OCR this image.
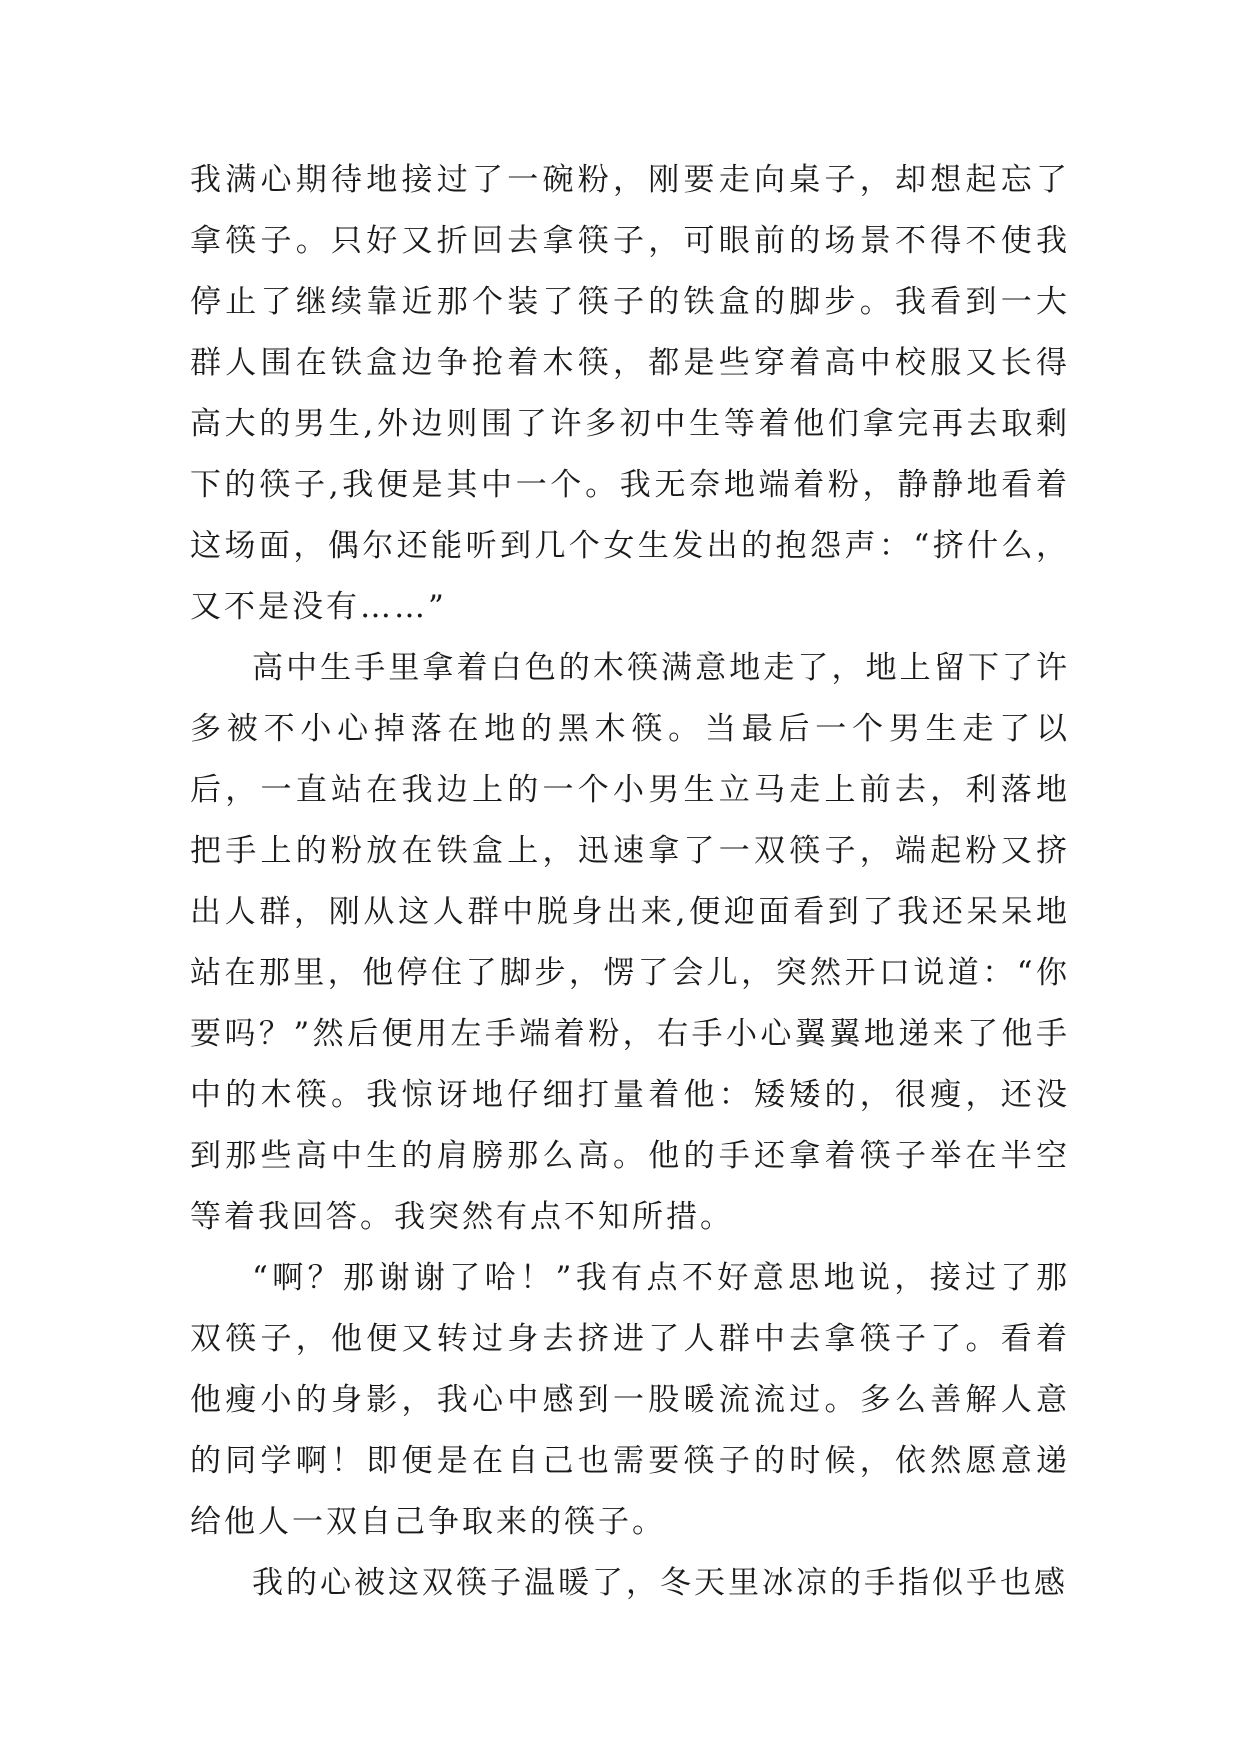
我满心期待地接过了一碗粉，刚要走向桌子，却想起忘了拿筷子。只好又折回去拿筷子，可眼前的场景不得不使我停止了继续靠近那个装了筷子的铁盒的脚步。我看到一大群人围在铁盒边争抢着木筷，都是些穿着高中校服又长得高大的男生,外边则围了许多初中生等着他们拿完再去取剩下的筷子,我便是其中一个。我无奈地端着粉，静静地看着这场面，偶尔还能听到几个女生发出的抱怨声：“挤什么，又不是没有……”

高中生手里拿着白色的木筷满意地走了，地上留下了许多被不小心掉落在地的黑木筷。当最后一个男生走了以后，一直站在我边上的一个小男生立马走上前去，利落地把手上的粉放在铁盒上，迅速拿了一双筷子，端起粉又挤出人群，刚从这人群中脱身出来,便迎面看到了我还呆呆地站在那里，他停住了脚步，愣了会儿，突然开口说道：“你要吗？”然后便用左手端着粉，右手小心翼翼地递来了他手中的木筷。我惊讶地仔细打量着他：矮矮的，很瘦，还没到那些高中生的肩膀那么高。他的手还拿着筷子举在半空等着我回答。我突然有点不知所措。

“啊？那谢谢了哈！”我有点不好意思地说，接过了那双筷子，他便又转过身去挤进了人群中去拿筷子了。看着他瘦小的身影，我心中感到一股暖流流过。多么善解人意的同学啊！即便是在自己也需要筷子的时候，依然愿意递给他人一双自己争取来的筷子。

我的心被这双筷子温暖了，冬天里冰凉的手指似乎也感
